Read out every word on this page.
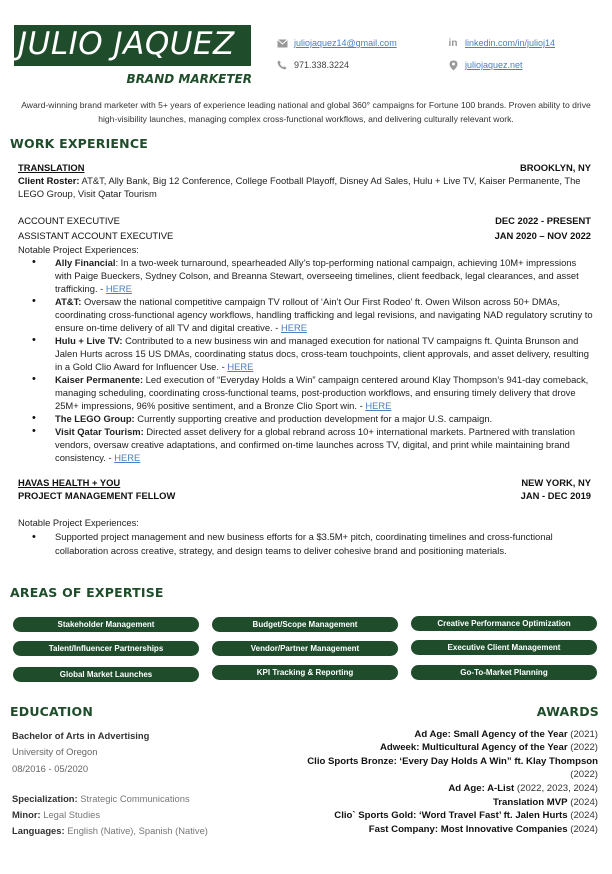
JULIO JAQUEZ
BRAND MARKETER
juliojaquez14@gmail.com
971.338.3224
in linkedin.com/in/julioj14
juliojaquez.net
Award-winning brand marketer with 5+ years of experience leading national and global 360° campaigns for Fortune 100 brands. Proven ability to drive high-visibility launches, managing complex cross-functional workflows, and delivering culturally relevant work.
WORK EXPERIENCE
TRANSLATION	BROOKLYN, NY
Client Roster: AT&T, Ally Bank, Big 12 Conference, College Football Playoff, Disney Ad Sales, Hulu + Live TV, Kaiser Permanente, The LEGO Group, Visit Qatar Tourism
ACCOUNT EXECUTIVE	DEC 2022 - PRESENT
ASSISTANT ACCOUNT EXECUTIVE	JAN 2020 – NOV 2022
Notable Project Experiences:
• Ally Financial: In a two-week turnaround, spearheaded Ally’s top-performing national campaign, achieving 10M+ impressions with Paige Bueckers, Sydney Colson, and Breanna Stewart, overseeing timelines, client feedback, legal clearances, and asset trafficking. - HERE
• AT&T: Oversaw the national competitive campaign TV rollout of ‘Ain’t Our First Rodeo’ ft. Owen Wilson across 50+ DMAs, coordinating cross-functional agency workflows, handling trafficking and legal revisions, and navigating NAD regulatory scrutiny to ensure on-time delivery of all TV and digital creative. - HERE
• Hulu + Live TV: Contributed to a new business win and managed execution for national TV campaigns ft. Quinta Brunson and Jalen Hurts across 15 US DMAs, coordinating status docs, cross-team touchpoints, client approvals, and asset delivery, resulting in a Gold Clio Award for Influencer Use. - HERE
• Kaiser Permanente: Led execution of “Everyday Holds a Win” campaign centered around Klay Thompson’s 941-day comeback, managing scheduling, coordinating cross-functional teams, post-production workflows, and ensuring timely delivery that drove 25M+ impressions, 96% positive sentiment, and a Bronze Clio Sport win. - HERE
• The LEGO Group: Currently supporting creative and production development for a major U.S. campaign.
• Visit Qatar Tourism: Directed asset delivery for a global rebrand across 10+ international markets. Partnered with translation vendors, oversaw creative adaptations, and confirmed on-time launches across TV, digital, and print while maintaining brand consistency. - HERE
HAVAS HEALTH + YOU	NEW YORK, NY
PROJECT MANAGEMENT FELLOW	JAN - DEC 2019
Notable Project Experiences:
• Supported project management and new business efforts for a $3.5M+ pitch, coordinating timelines and cross-functional collaboration across creative, strategy, and design teams to deliver cohesive brand and positioning materials.
AREAS OF EXPERTISE
Stakeholder Management	Budget/Scope Management	Creative Performance Optimization
Talent/Influencer Partnerships	Vendor/Partner Management	Executive Client Management
Global Market Launches	KPI Tracking & Reporting	Go-To-Market Planning
EDUCATION
Bachelor of Arts in Advertising
University of Oregon
08/2016 - 05/2020
Specialization: Strategic Communications
Minor: Legal Studies
Languages: English (Native), Spanish (Native)
AWARDS
Ad Age: Small Agency of the Year (2021)
Adweek: Multicultural Agency of the Year (2022)
Clio Sports Bronze: ‘Every Day Holds A Win” ft. Klay Thompson
(2022)
Ad Age: A-List (2022, 2023, 2024)
Translation MVP (2024)
Clio` Sports Gold: ‘Word Travel Fast’ ft. Jalen Hurts (2024)
Fast Company: Most Innovative Companies (2024)
